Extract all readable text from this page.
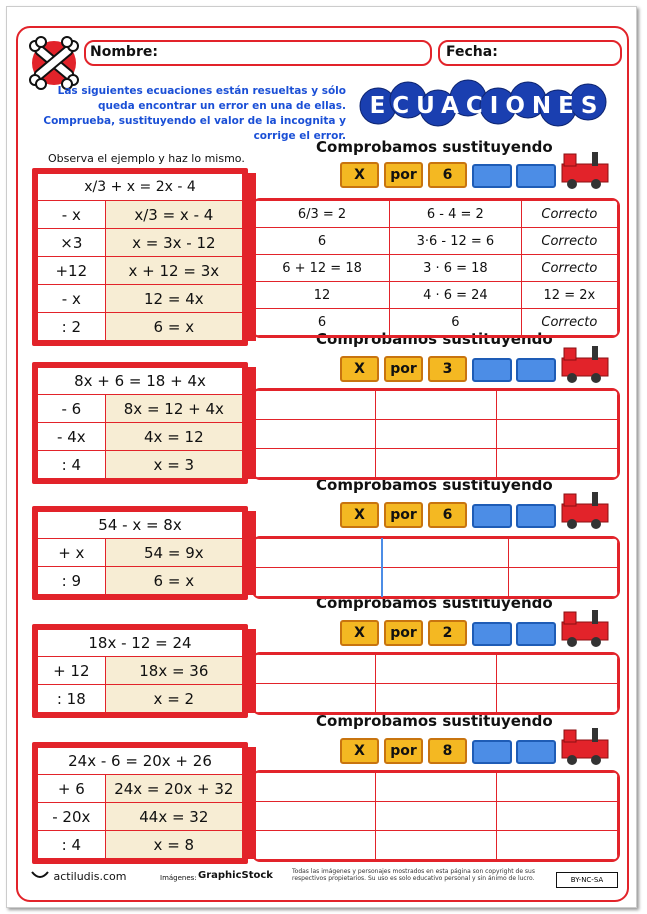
Nombre:	Fecha:
Las siguientes ecuaciones están resueltas y sólo queda encontrar un error en una de ellas. Comprueba, sustituyendo el valor de la incognita y corrige el error.
ECUACIONES
Observa el ejemplo y haz lo mismo.
x/3 + x = 2x - 4	
- x	x/3 = x - 4
×3	x = 3x - 12
+12	x + 12 = 3x
- x	12 = 4x
: 2	6 = x
8x + 6 = 18 + 4x	
- 6	8x = 12 + 4x
- 4x	4x = 12
: 4	x = 3
54 - x = 8x	
+ x	54 = 9x
: 9	6 = x
18x - 12 = 24	
+ 12	18x = 36
: 18	x = 2
24x - 6 = 20x + 26	
+ 6	24x = 20x + 32
- 20x	44x = 32
: 4	x = 8
Comprobamos sustituyendo
Comprobamos sustituyendo
Comprobamos sustituyendo
Comprobamos sustituyendo
Comprobamos sustituyendo
X	por	6
X	por	3
X	por	6
X	por	2
X	por	8
6/3 = 2	6 - 4 = 2	Correcto
6	3·6 - 12 = 6	Correcto
6 + 12 = 18	3 · 6 = 18	Correcto
12	4 · 6 = 24	12 = 2x
6	6	Correcto

actiludis.com	Imágenes: GraphicStock	Todas las imágenes y personajes mostrados en esta página son copyright de sus respectivos propietarios. Su uso es solo educativo personal y sin ánimo de lucro.	BY-NC-SA
